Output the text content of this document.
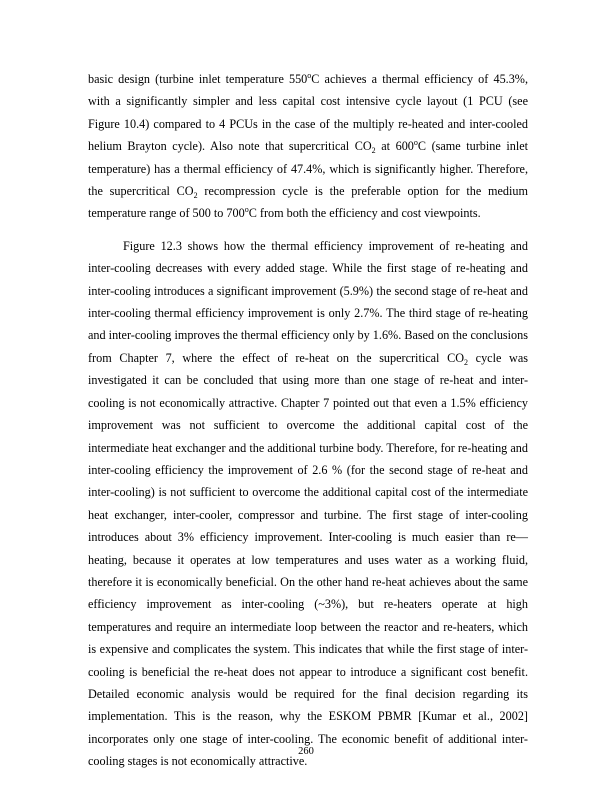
basic design (turbine inlet temperature 550$^o$C achieves a thermal efficiency of 45.3%, with a significantly simpler and less capital cost intensive cycle layout (1 PCU (see Figure 10.4) compared to 4 PCUs in the case of the multiply re-heated and inter-cooled helium Brayton cycle). Also note that supercritical $CO_2$ at 600$^o$C (same turbine inlet temperature) has a thermal efficiency of 47.4%, which is significantly higher. Therefore, the supercritical $CO_2$ recompression cycle is the preferable option for the medium temperature range of 500 to 700$^o$C from both the efficiency and cost viewpoints.

Figure 12.3 shows how the thermal efficiency improvement of re-heating and inter-cooling decreases with every added stage. While the first stage of re-heating and inter-cooling introduces a significant improvement (5.9%) the second stage of re-heat and inter-cooling thermal efficiency improvement is only 2.7%. The third stage of re-heating and inter-cooling improves the thermal efficiency only by 1.6%. Based on the conclusions from Chapter 7, where the effect of re-heat on the supercritical $CO_2$ cycle was investigated it can be concluded that using more than one stage of re-heat and inter-cooling is not economically attractive. Chapter 7 pointed out that even a 1.5% efficiency improvement was not sufficient to overcome the additional capital cost of the intermediate heat exchanger and the additional turbine body. Therefore, for re-heating and inter-cooling efficiency the improvement of 2.6 % (for the second stage of re-heat and inter-cooling) is not sufficient to overcome the additional capital cost of the intermediate heat exchanger, inter-cooler, compressor and turbine. The first stage of inter-cooling introduces about 3% efficiency improvement. Inter-cooling is much easier than re—heating, because it operates at low temperatures and uses water as a working fluid, therefore it is economically beneficial. On the other hand re-heat achieves about the same efficiency improvement as inter-cooling (~3%), but re-heaters operate at high temperatures and require an intermediate loop between the reactor and re-heaters, which is expensive and complicates the system. This indicates that while the first stage of inter-cooling is beneficial the re-heat does not appear to introduce a significant cost benefit. Detailed economic analysis would be required for the final decision regarding its implementation. This is the reason, why the ESKOM PBMR [Kumar et al., 2002] incorporates only one stage of inter-cooling. The economic benefit of additional inter-cooling stages is not economically attractive.

260
